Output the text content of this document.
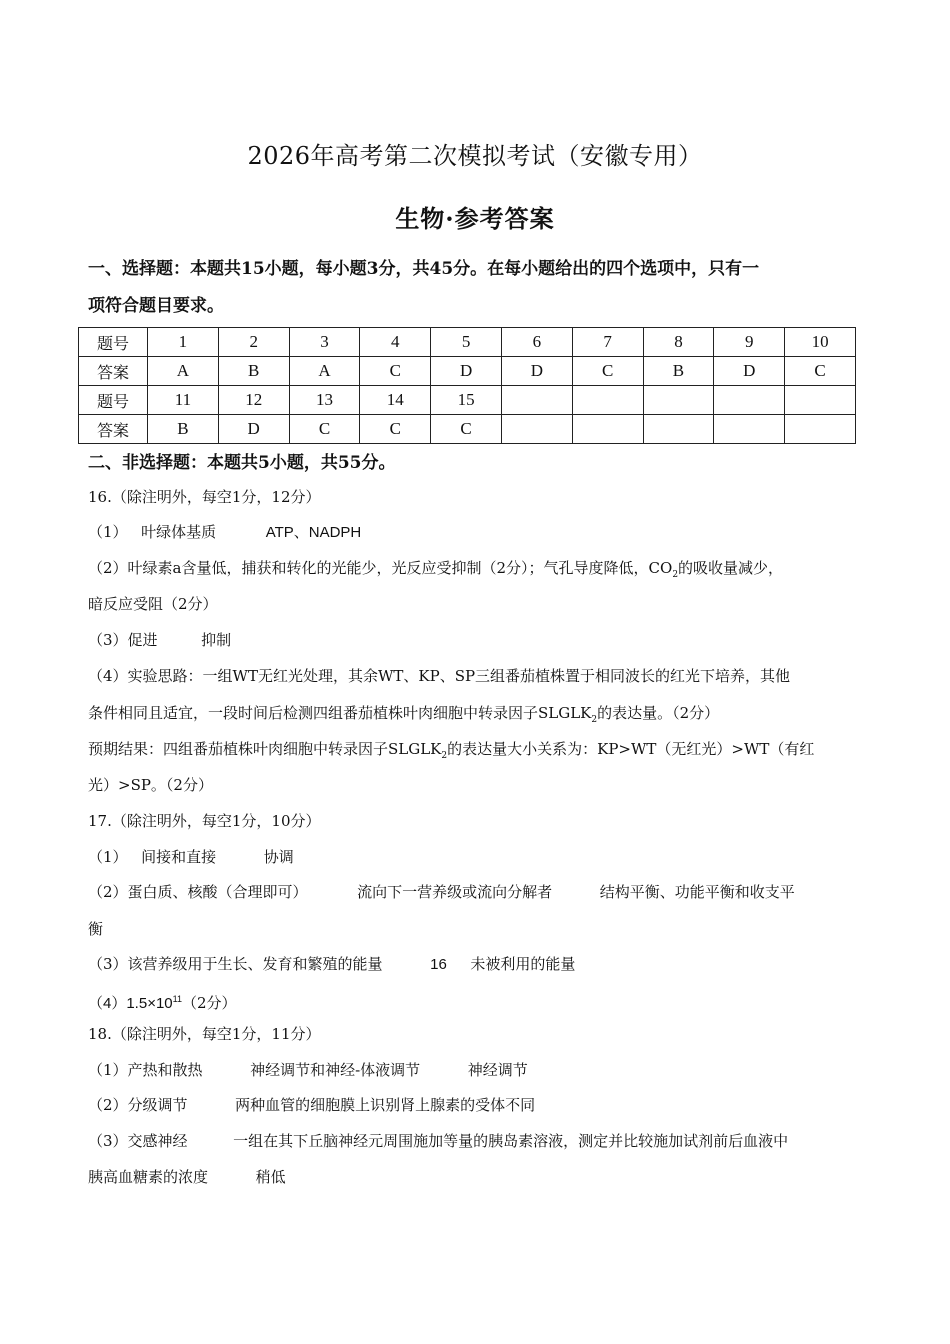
2026年高考第二次模拟考试（安徽专用）
生物·参考答案
一、选择题：本题共15小题，每小题3分，共45分。在每小题给出的四个选项中，只有一
项符合题目要求。
题号	1	2	3	4	5	6	7	8	9	10
答案	A	B	A	C	D	D	C	B	D	C
题号	11	12	13	14	15					
答案	B	D	C	C	C					
二、非选择题：本题共5小题，共55分。
16.（除注明外，每空1分，12分）
（1） 叶绿体基质	ATP、NADPH
（2）叶绿素a含量低，捕获和转化的光能少，光反应受抑制（2分）；气孔导度降低，$CO_2$的吸收量减少，
暗反应受阻（2分）
（3）促进	抑制
（4）实验思路：一组WT无红光处理，其余WT、KP、SP三组番茄植株置于相同波长的红光下培养，其他
条件相同且适宜，一段时间后检测四组番茄植株叶肉细胞中转录因子$SLGLK_2$的表达量。（2分）
预期结果：四组番茄植株叶肉细胞中转录因子$SLGLK_2$的表达量大小关系为：KP>WT（无红光）>WT（有红
光）>SP。（2分）
17.（除注明外，每空1分，10分）
（1） 间接和直接	协调
（2）蛋白质、核酸（合理即可）	流向下一营养级或流向分解者	结构平衡、功能平衡和收支平
衡
（3）该营养级用于生长、发育和繁殖的能量	16 未被利用的能量
$(4)1.5\times 10^{11}(2$分）
18.（除注明外，每空1分，11分）
（1）产热和散热	神经调节和神经-体液调节	神经调节
（2）分级调节	两种血管的细胞膜上识别肾上腺素的受体不同
（3）交感神经	一组在其下丘脑神经元周围施加等量的胰岛素溶液，测定并比较施加试剂前后血液中
胰高血糖素的浓度	稍低
